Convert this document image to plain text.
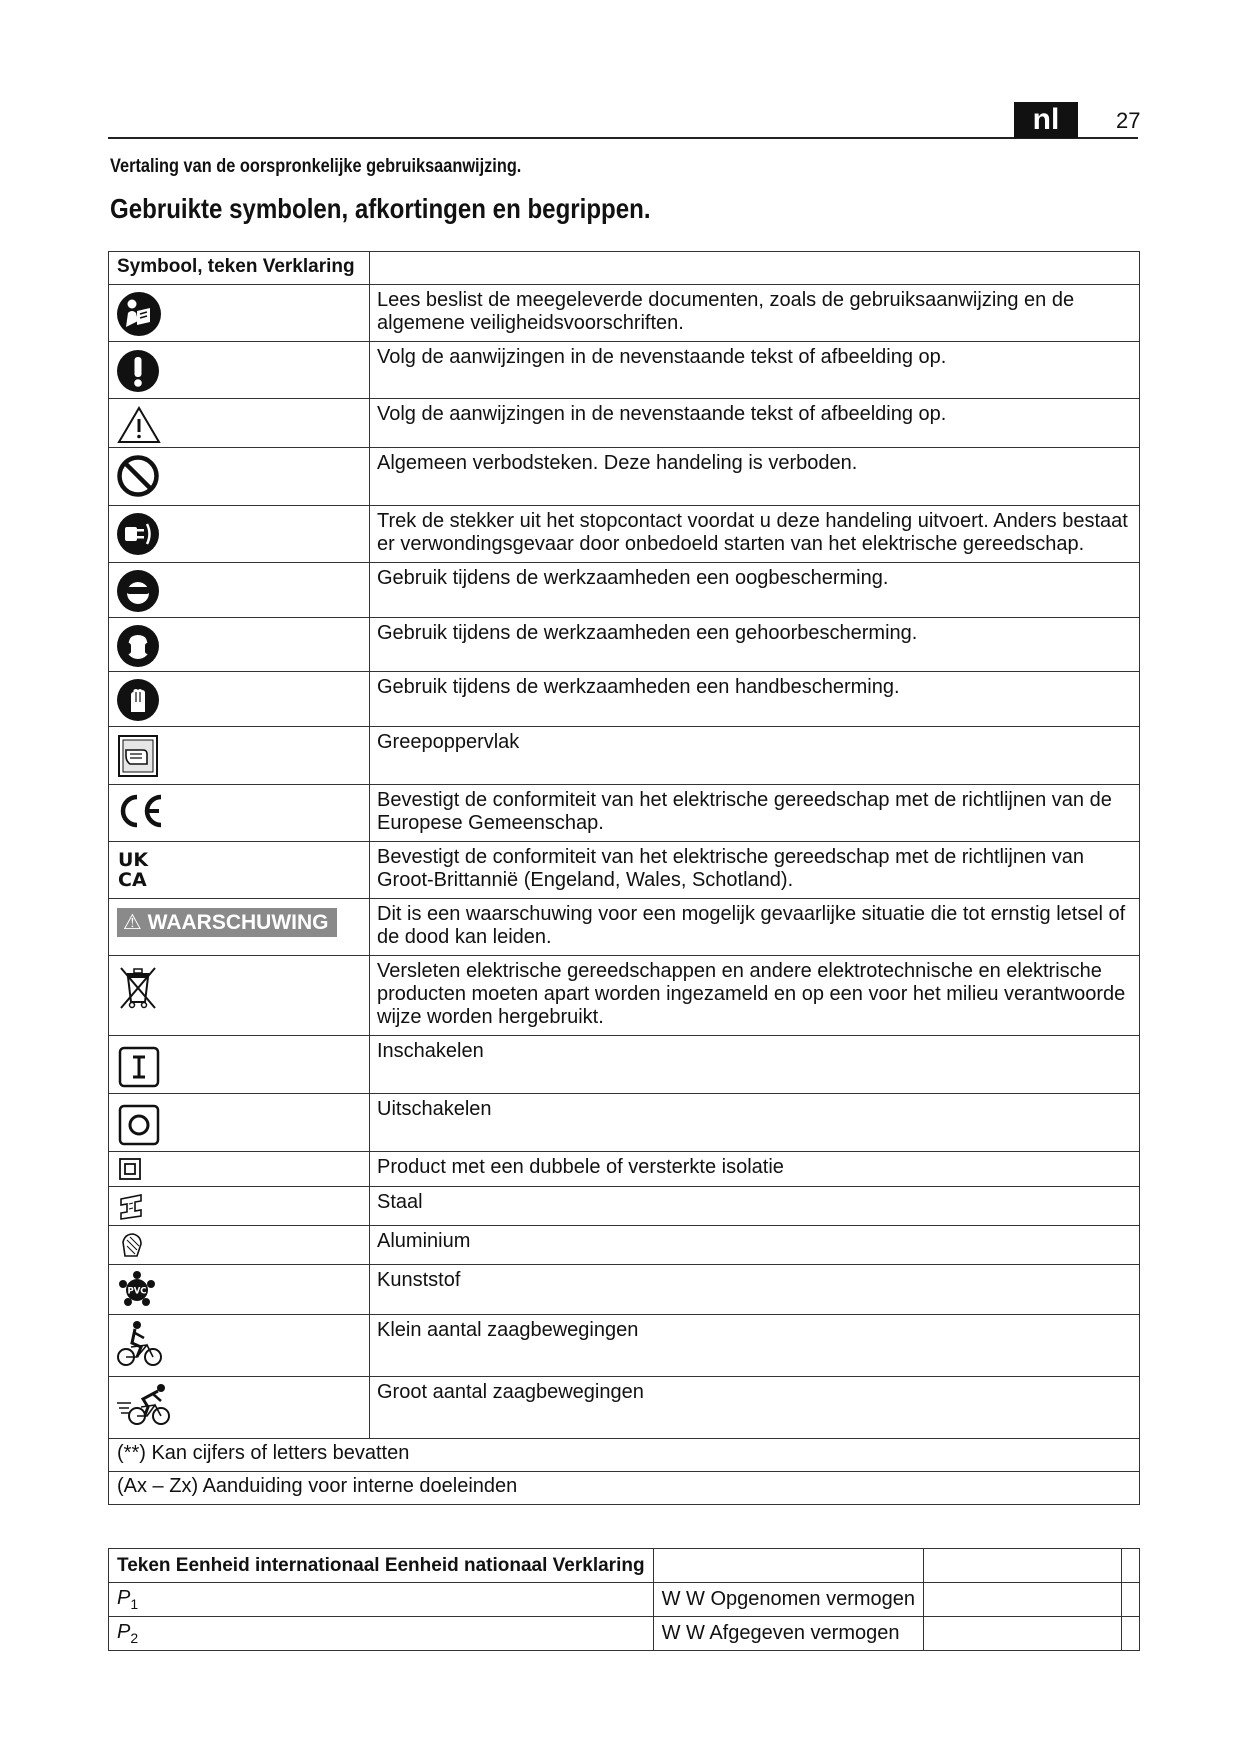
nl	27
Vertaling van de oorspronkelijke gebruiksaanwijzing.
Gebruikte symbolen, afkortingen en begrippen.
Symbool, teken Verklaring	

	Lees beslist de meegeleverde documenten, zoals de gebruiksaanwijzing en de algemene veiligheidsvoorschriften.

	Volg de aanwijzingen in de nevenstaande tekst of afbeelding op.

	Volg de aanwijzingen in de nevenstaande tekst of afbeelding op.

	Algemeen verbodsteken. Deze handeling is verboden.

	Trek de stekker uit het stopcontact voordat u deze handeling uitvoert. Anders bestaat er verwondingsgevaar door onbedoeld starten van het elektrische gereedschap.

	Gebruik tijdens de werkzaamheden een oogbescherming.

	Gebruik tijdens de werkzaamheden een gehoorbescherming.

	Gebruik tijdens de werkzaamheden een handbescherming.

	Greepoppervlak

	Bevestigt de conformiteit van het elektrische gereedschap met de richtlijnen van de Europese Gemeenschap.

UK
CA	Bevestigt de conformiteit van het elektrische gereedschap met de richtlijnen van Groot-Brittannië (Engeland, Wales, Schotland).
⚠ WAARSCHUWING	Dit is een waarschuwing voor een mogelijk gevaarlijke situatie die tot ernstig letsel of de dood kan leiden.

	Versleten elektrische gereedschappen en andere elektrotechnische en elektrische producten moeten apart worden ingezameld en op een voor het milieu verantwoorde wijze worden hergebruikt.

	Inschakelen

	Uitschakelen

	Product met een dubbele of versterkte isolatie

	Staal

	Aluminium

PVC	Kunststof

	Klein aantal zaagbewegingen

	Groot aantal zaagbewegingen
(**) Kan cijfers of letters bevatten	
(Ax – Zx) Aanduiding voor interne doeleinden	
Teken Eenheid internationaal Eenheid nationaal Verklaring			

$P_1$	W W Opgenomen vermogen		

$P_2$	W W Afgegeven vermogen		
